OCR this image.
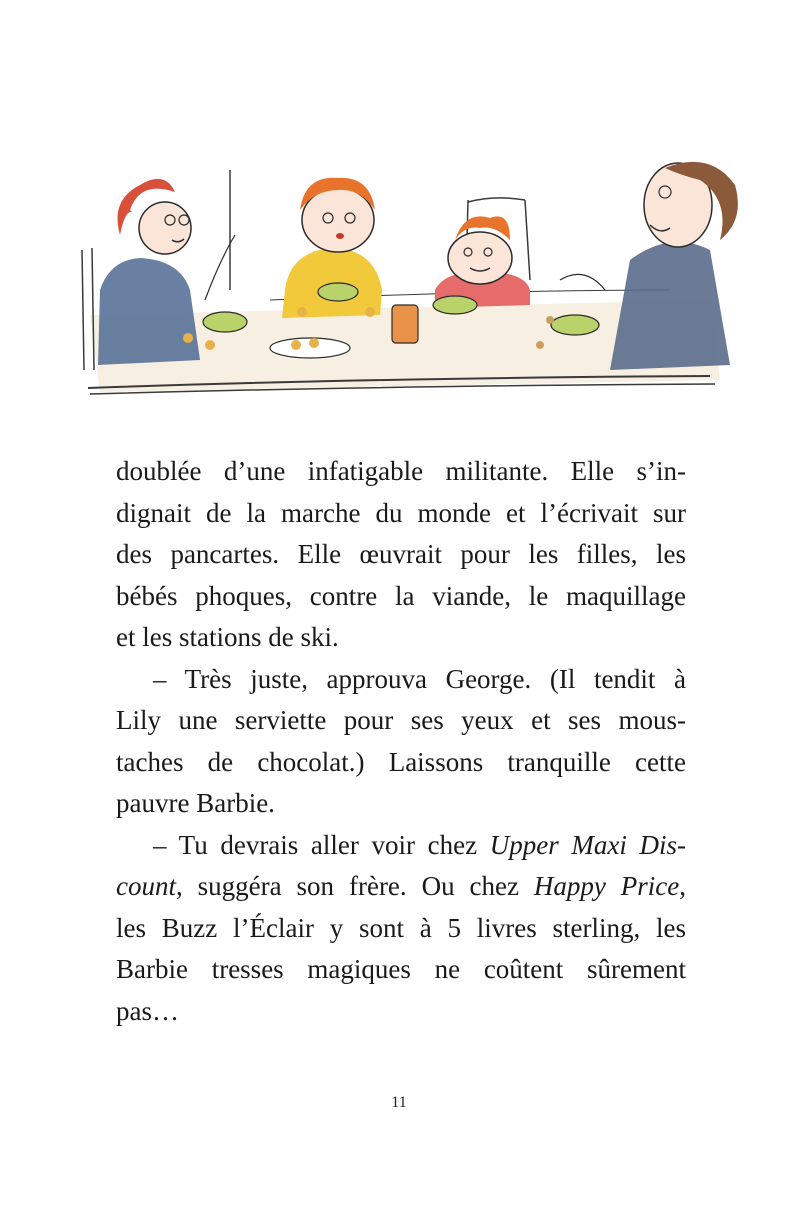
doublée d’une infatigable militante. Elle s’in-
dignait de la marche du monde et l’écrivait sur
des pancartes. Elle œuvrait pour les filles, les
bébés phoques, contre la viande, le maquillage
et les stations de ski.
– Très juste, approuva George. (Il tendit à
Lily une serviette pour ses yeux et ses mous-
taches de chocolat.) Laissons tranquille cette
pauvre Barbie.
– Tu devrais aller voir chez Upper Maxi Dis-
count, suggéra son frère. Ou chez Happy Price,
les Buzz l’Éclair y sont à 5 livres sterling, les
Barbie tresses magiques ne coûtent sûrement
pas…
11
